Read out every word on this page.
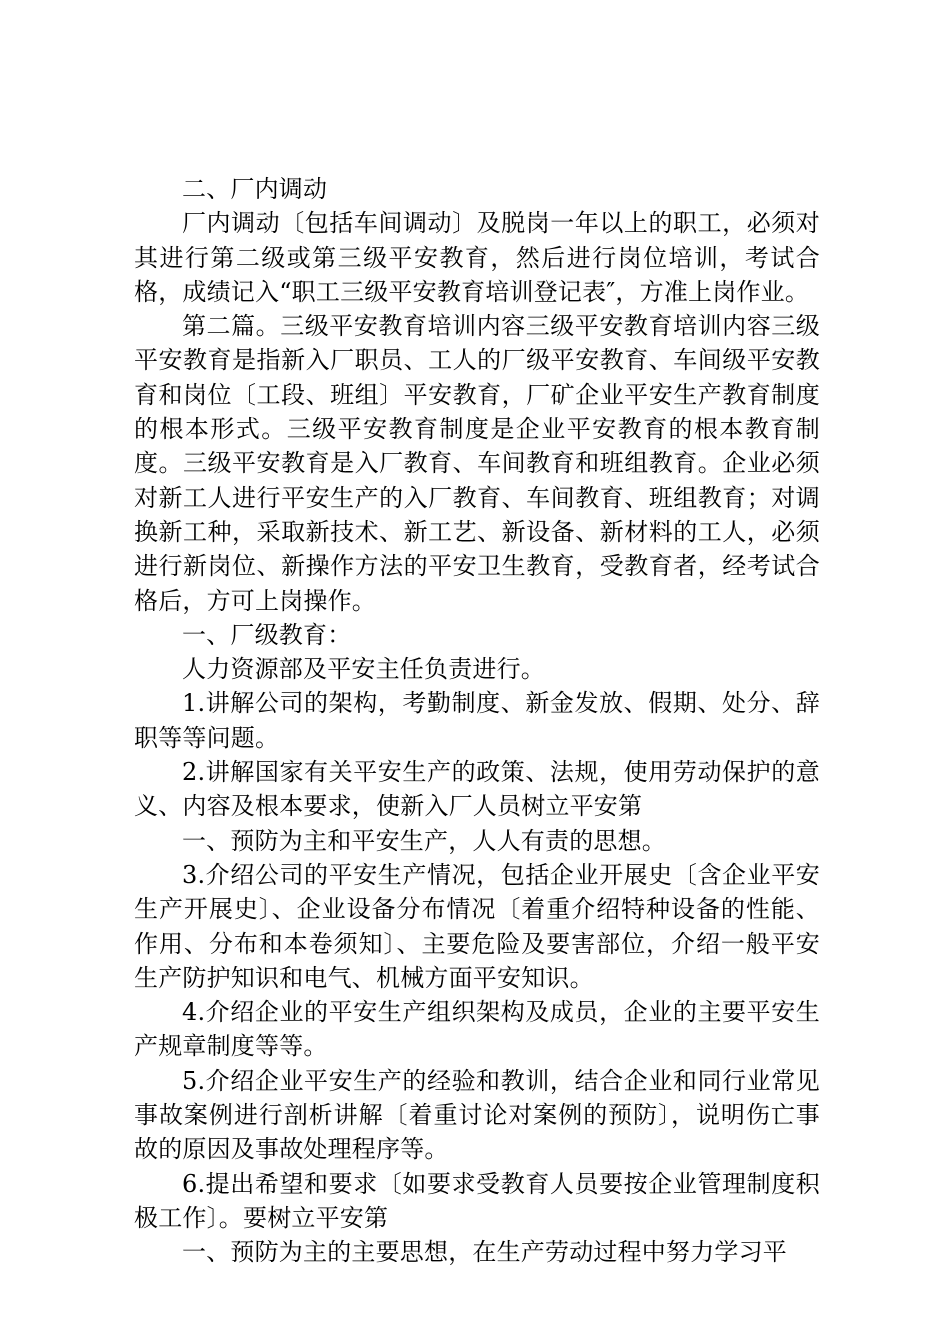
二、厂内调动

厂内调动〔包括车间调动〕及脱岗一年以上的职工，必须对其进行第二级或第三级平安教育，然后进行岗位培训，考试合格，成绩记入“职工三级平安教育培训登记表″，方准上岗作业。

第二篇。三级平安教育培训内容三级平安教育培训内容三级平安教育是指新入厂职员、工人的厂级平安教育、车间级平安教育和岗位〔工段、班组〕平安教育，厂矿企业平安生产教育制度的根本形式。三级平安教育制度是企业平安教育的根本教育制度。三级平安教育是入厂教育、车间教育和班组教育。企业必须对新工人进行平安生产的入厂教育、车间教育、班组教育；对调换新工种，采取新技术、新工艺、新设备、新材料的工人，必须进行新岗位、新操作方法的平安卫生教育，受教育者，经考试合格后，方可上岗操作。

一、厂级教育：

人力资源部及平安主任负责进行。

1.讲解公司的架构，考勤制度、新金发放、假期、处分、辞职等等问题。

2.讲解国家有关平安生产的政策、法规，使用劳动保护的意义、内容及根本要求，使新入厂人员树立平安第

一、预防为主和平安生产，人人有责的思想。

3.介绍公司的平安生产情况，包括企业开展史〔含企业平安生产开展史〕、企业设备分布情况〔着重介绍特种设备的性能、作用、分布和本卷须知〕、主要危险及要害部位，介绍一般平安生产防护知识和电气、机械方面平安知识。

4.介绍企业的平安生产组织架构及成员，企业的主要平安生产规章制度等等。

5.介绍企业平安生产的经验和教训，结合企业和同行业常见事故案例进行剖析讲解〔着重讨论对案例的预防〕，说明伤亡事故的原因及事故处理程序等。

6.提出希望和要求〔如要求受教育人员要按企业管理制度积极工作〕。要树立平安第

一、预防为主的主要思想，在生产劳动过程中努力学习平
